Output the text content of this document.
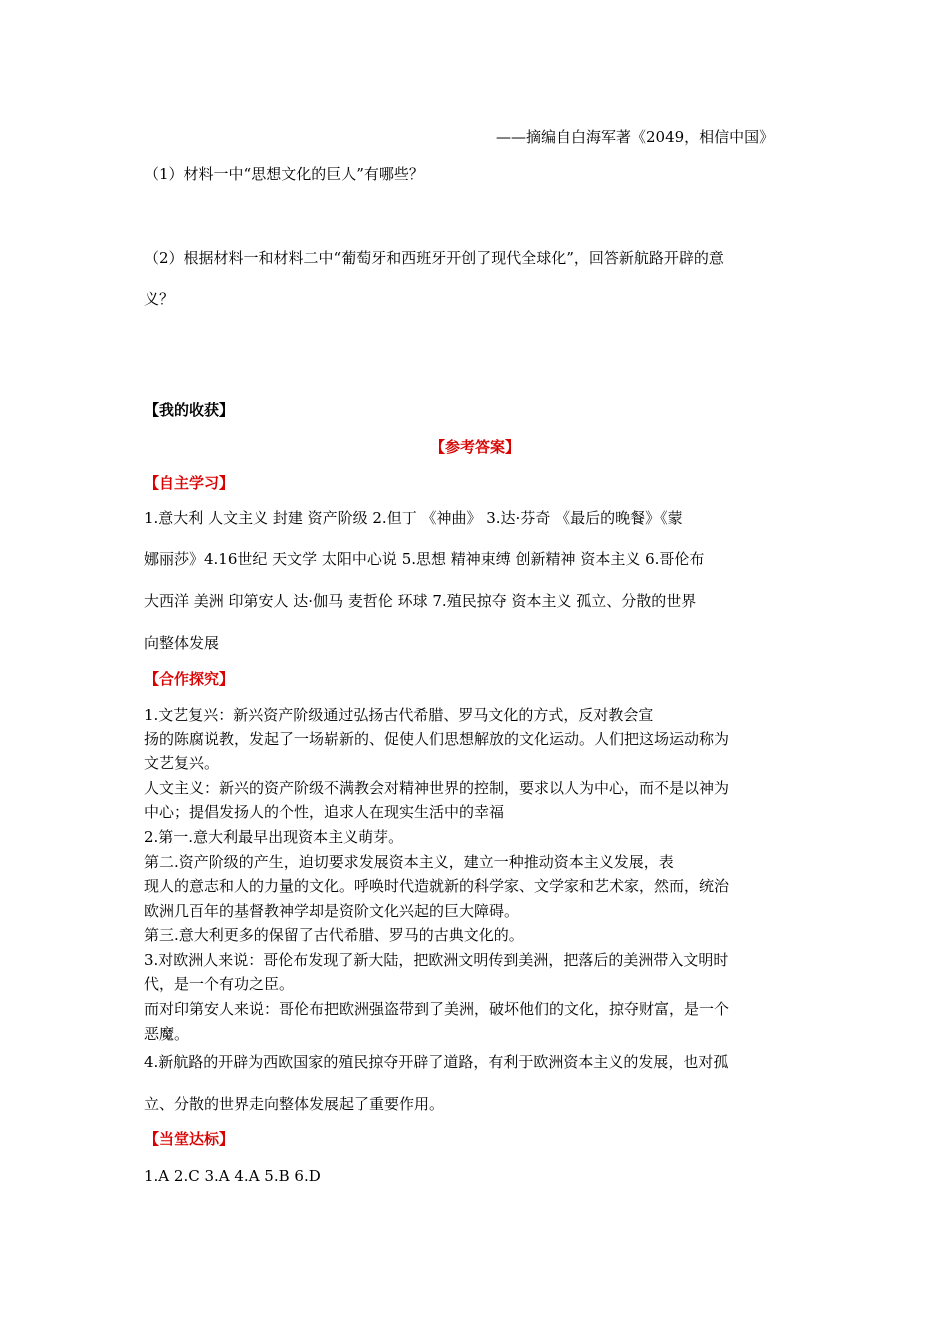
——摘编自白海军著《2049，相信中国》
（1）材料一中“思想文化的巨人”有哪些？
（2）根据材料一和材料二中“葡萄牙和西班牙开创了现代全球化”，回答新航路开辟的意
义？
【我的收获】
【参考答案】
【自主学习】
1.意大利 人文主义 封建 资产阶级 2.但丁 《神曲》 3.达·芬奇 《最后的晚餐》《蒙
娜丽莎》4.16世纪 天文学 太阳中心说 5.思想 精神束缚 创新精神 资本主义 6.哥伦布
大西洋 美洲 印第安人 达·伽马 麦哲伦 环球 7.殖民掠夺 资本主义 孤立、分散的世界
向整体发展
【合作探究】
1.文艺复兴：新兴资产阶级通过弘扬古代希腊、罗马文化的方式，反对教会宣
扬的陈腐说教，发起了一场崭新的、促使人们思想解放的文化运动。人们把这场运动称为
文艺复兴。
人文主义：新兴的资产阶级不满教会对精神世界的控制，要求以人为中心，而不是以神为
中心；提倡发扬人的个性，追求人在现实生活中的幸福
2.第一.意大利最早出现资本主义萌芽。
第二.资产阶级的产生，迫切要求发展资本主义，建立一种推动资本主义发展，表
现人的意志和人的力量的文化。呼唤时代造就新的科学家、文学家和艺术家，然而，统治
欧洲几百年的基督教神学却是资阶文化兴起的巨大障碍。
第三.意大利更多的保留了古代希腊、罗马的古典文化的。
3.对欧洲人来说：哥伦布发现了新大陆，把欧洲文明传到美洲，把落后的美洲带入文明时
代，是一个有功之臣。
而对印第安人来说：哥伦布把欧洲强盗带到了美洲，破坏他们的文化，掠夺财富，是一个
恶魔。
4.新航路的开辟为西欧国家的殖民掠夺开辟了道路，有利于欧洲资本主义的发展，也对孤
立、分散的世界走向整体发展起了重要作用。
【当堂达标】
1.A 2.C 3.A 4.A 5.B 6.D
